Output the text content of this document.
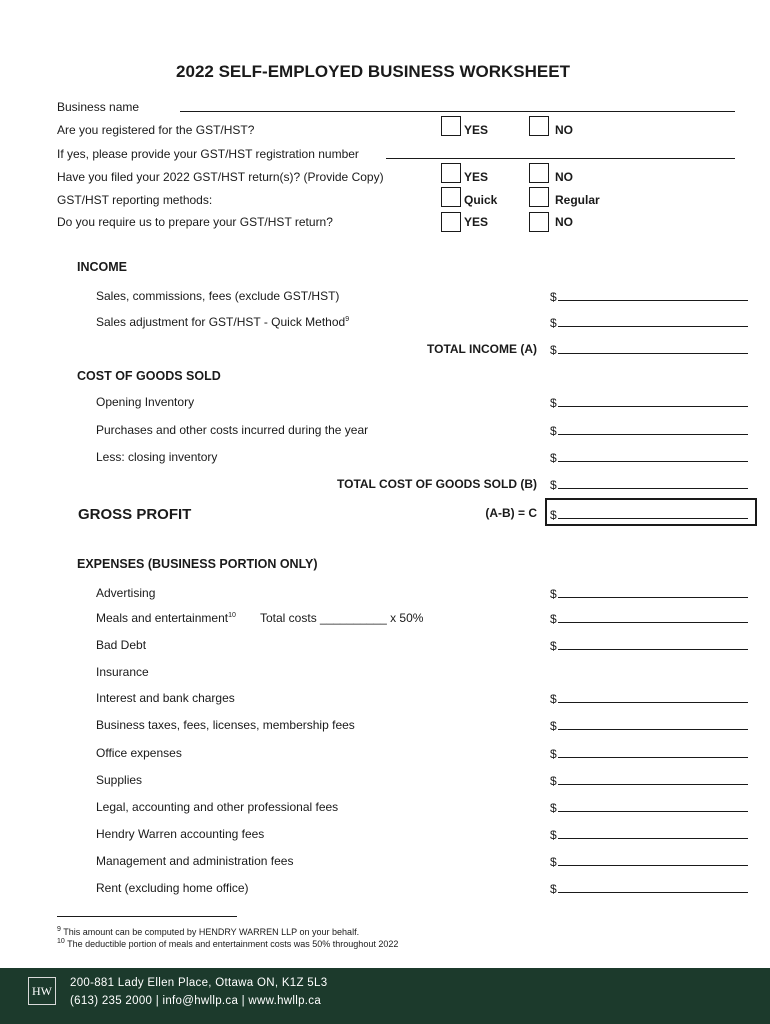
2022 SELF-EMPLOYED BUSINESS WORKSHEET
Business name
Are you registered for the GST/HST?	YES	NO
If yes, please provide your GST/HST registration number
Have you filed your 2022 GST/HST return(s)? (Provide Copy)	YES	NO
GST/HST reporting methods:	Quick	Regular
Do you require us to prepare your GST/HST return?	YES	NO
INCOME
Sales, commissions, fees (exclude GST/HST)	$
Sales adjustment for GST/HST - Quick Method$^9$	$
TOTAL INCOME (A) $
COST OF GOODS SOLD
Opening Inventory	$
Purchases and other costs incurred during the year	$
Less: closing inventory	$
TOTAL COST OF GOODS SOLD (B) $
GROSS PROFIT	(A-B) = C $
EXPENSES (BUSINESS PORTION ONLY)
Advertising	$
Meals and entertainment$^{10}$ Total costs __________ x 50%	$
Bad Debt	$
Insurance
Interest and bank charges	$
Business taxes, fees, licenses, membership fees	$
Office expenses	$
Supplies	$
Legal, accounting and other professional fees	$
Hendry Warren accounting fees	$
Management and administration fees	$
Rent (excluding home office)	$
$^9$ This amount can be computed by HENDRY WARREN LLP on your behalf.
$^{10}$ The deductible portion of meals and entertainment costs was 50% throughout 2022
HW
200-881 Lady Ellen Place, Ottawa ON, K1Z 5L3
(613) 235 2000 | info@hwllp.ca | www.hwllp.ca
